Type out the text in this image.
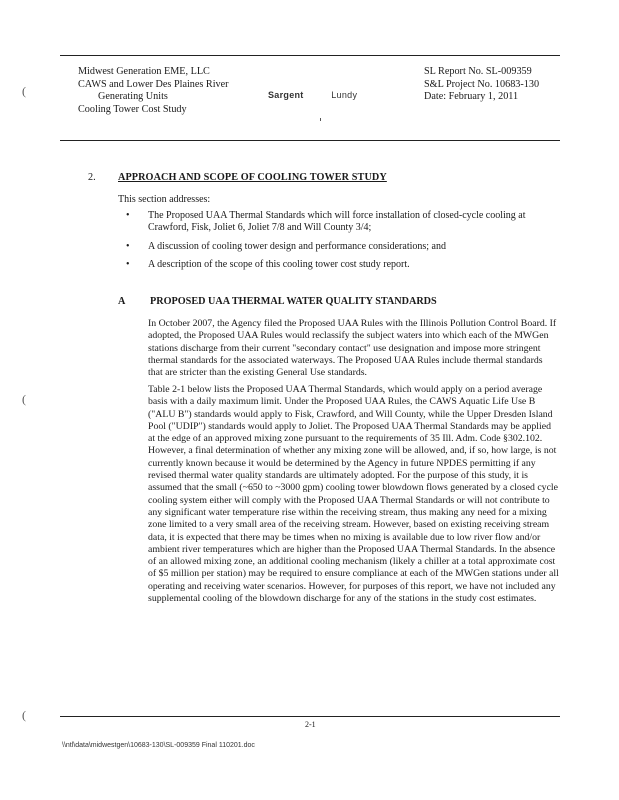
Midwest Generation EME, LLC
CAWS and Lower Des Plaines River
Generating Units
Cooling Tower Cost Study
Sargent	Lundy
SL Report No. SL-009359
S&L Project No. 10683-130
Date: February 1, 2011
(
(
(
2. APPROACH AND SCOPE OF COOLING TOWER STUDY
This section addresses:
• The Proposed UAA Thermal Standards which will force installation of closed-cycle cooling at Crawford, Fisk, Joliet 6, Joliet 7/8 and Will County 3/4;
• A discussion of cooling tower design and performance considerations; and
• A description of the scope of this cooling tower cost study report.
A PROPOSED UAA THERMAL WATER QUALITY STANDARDS
In October 2007, the Agency filed the Proposed UAA Rules with the Illinois Pollution Control Board. If adopted, the Proposed UAA Rules would reclassify the subject waters into which each of the MWGen stations discharge from their current "secondary contact" use designation and impose more stringent thermal standards for the associated waterways. The Proposed UAA Rules include thermal standards that are stricter than the existing General Use standards.
Table 2-1 below lists the Proposed UAA Thermal Standards, which would apply on a period average basis with a daily maximum limit. Under the Proposed UAA Rules, the CAWS Aquatic Life Use B ("ALU B") standards would apply to Fisk, Crawford, and Will County, while the Upper Dresden Island Pool ("UDIP") standards would apply to Joliet. The Proposed UAA Thermal Standards may be applied at the edge of an approved mixing zone pursuant to the requirements of 35 Ill. Adm. Code §302.102. However, a final determination of whether any mixing zone will be allowed, and, if so, how large, is not currently known because it would be determined by the Agency in future NPDES permitting if any revised thermal water quality standards are ultimately adopted. For the purpose of this study, it is assumed that the small (~650 to ~3000 gpm) cooling tower blowdown flows generated by a closed cycle cooling system either will comply with the Proposed UAA Thermal Standards or will not contribute to any significant water temperature rise within the receiving stream, thus making any need for a mixing zone limited to a very small area of the receiving stream. However, based on existing receiving stream data, it is expected that there may be times when no mixing is available due to low river flow and/or ambient river temperatures which are higher than the Proposed UAA Thermal Standards. In the absence of an allowed mixing zone, an additional cooling mechanism (likely a chiller at a total approximate cost of $5 million per station) may be required to ensure compliance at each of the MWGen stations under all operating and receiving water scenarios. However, for purposes of this report, we have not included any supplemental cooling of the blowdown discharge for any of the stations in the study cost estimates.
2-1
\\ntl\data\midwestgen\10683-130\SL-009359 Final 110201.doc
